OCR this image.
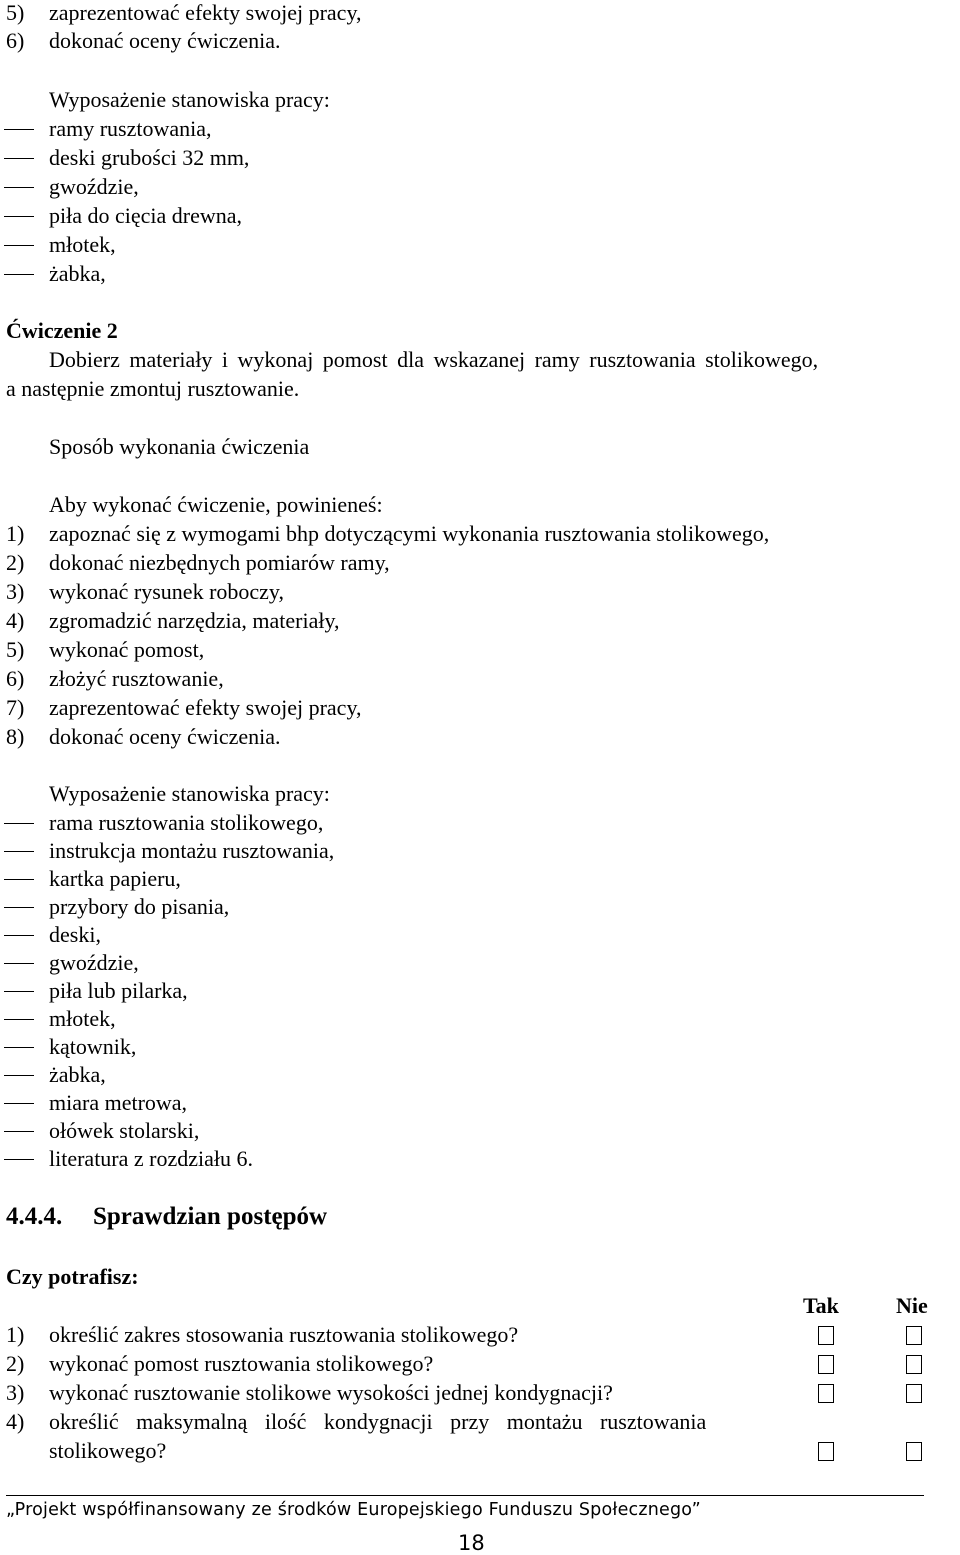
5) zaprezentować efekty swojej pracy,
6) dokonać oceny ćwiczenia.
Wyposażenie stanowiska pracy:
ramy rusztowania,
deski grubości 32 mm,
gwoździe,
piła do cięcia drewna,
młotek,
żabka,
Ćwiczenie 2
Dobierz materiały i wykonaj pomost dla wskazanej ramy rusztowania stolikowego,
a następnie zmontuj rusztowanie.
Sposób wykonania ćwiczenia
Aby wykonać ćwiczenie, powinieneś:
1) zapoznać się z wymogami bhp dotyczącymi wykonania rusztowania stolikowego,
2) dokonać niezbędnych pomiarów ramy,
3) wykonać rysunek roboczy,
4) zgromadzić narzędzia, materiały,
5) wykonać pomost,
6) złożyć rusztowanie,
7) zaprezentować efekty swojej pracy,
8) dokonać oceny ćwiczenia.
Wyposażenie stanowiska pracy:
rama rusztowania stolikowego,
instrukcja montażu rusztowania,
kartka papieru,
przybory do pisania,
deski,
gwoździe,
piła lub pilarka,
młotek,
kątownik,
żabka,
miara metrowa,
ołówek stolarski,
literatura z rozdziału 6.
4.4.4. Sprawdzian postępów
Czy potrafisz:
Tak	Nie
1) określić zakres stosowania rusztowania stolikowego?
2) wykonać pomost rusztowania stolikowego?
3) wykonać rusztowanie stolikowe wysokości jednej kondygnacji?
4) określić maksymalną ilość kondygnacji przy montażu rusztowania
stolikowego?
„Projekt współfinansowany ze środków Europejskiego Funduszu Społecznego”
18
